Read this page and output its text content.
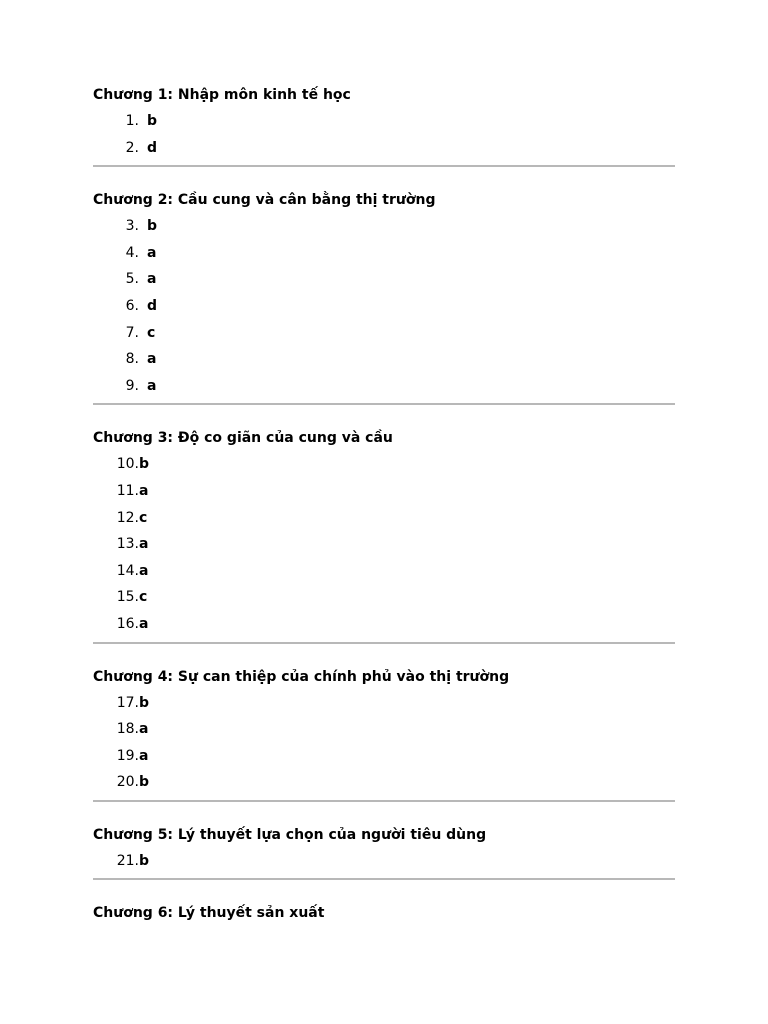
Chương 1: Nhập môn kinh tế học
1. b
2. d
Chương 2: Cầu cung và cân bằng thị trường
3. b
4. a
5. a
6. d
7. c
8. a
9. a
Chương 3: Độ co giãn của cung và cầu
10. b
11. a
12. c
13. a
14. a
15. c
16. a
Chương 4: Sự can thiệp của chính phủ vào thị trường
17. b
18. a
19. a
20. b
Chương 5: Lý thuyết lựa chọn của người tiêu dùng
21. b
Chương 6: Lý thuyết sản xuất
